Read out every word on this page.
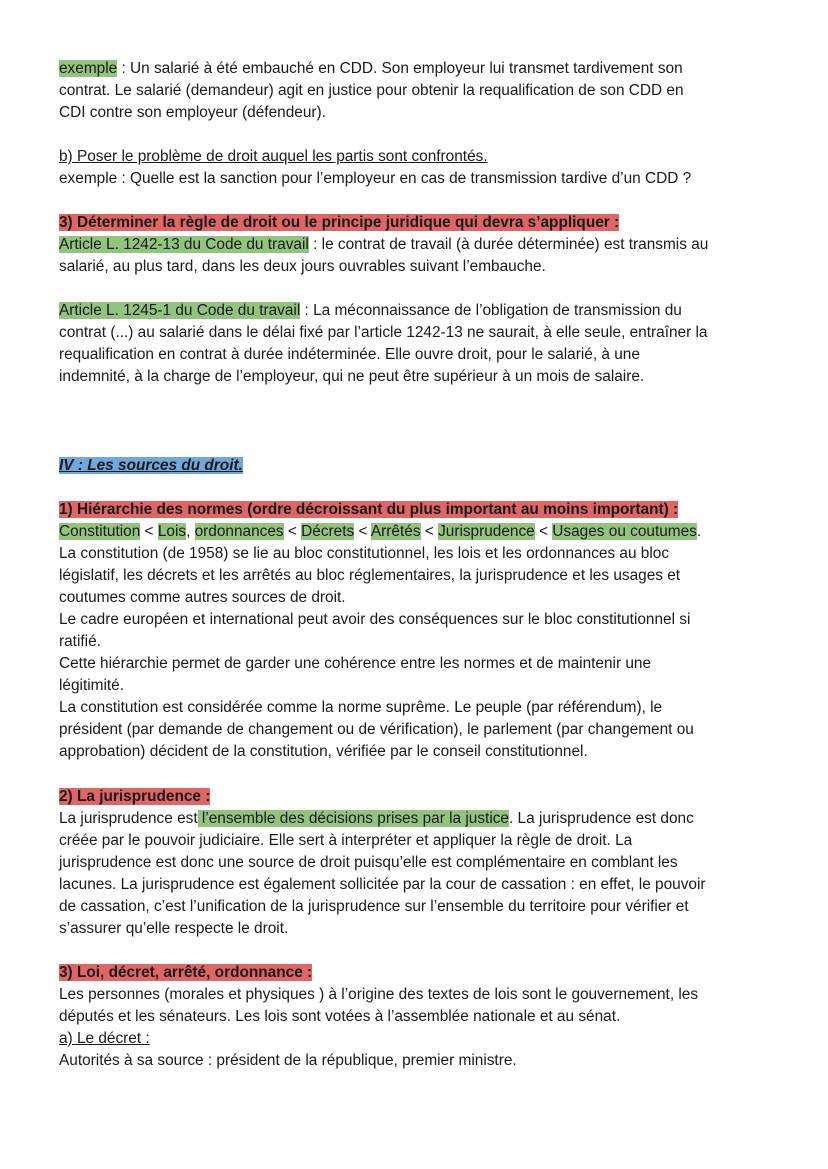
exemple : Un salarié à été embauché en CDD. Son employeur lui transmet tardivement son
contrat. Le salarié (demandeur) agit en justice pour obtenir la requalification de son CDD en
CDI contre son employeur (défendeur).
b) Poser le problème de droit auquel les partis sont confrontés.
exemple : Quelle est la sanction pour l’employeur en cas de transmission tardive d’un CDD ?
3) Déterminer la règle de droit ou le principe juridique qui devra s’appliquer :
Article L. 1242-13 du Code du travail : le contrat de travail (à durée déterminée) est transmis au
salarié, au plus tard, dans les deux jours ouvrables suivant l’embauche.
Article L. 1245-1 du Code du travail : La méconnaissance de l’obligation de transmission du
contrat (...) au salarié dans le délai fixé par l’article 1242-13 ne saurait, à elle seule, entraîner la
requalification en contrat à durée indéterminée. Elle ouvre droit, pour le salarié, à une
indemnité, à la charge de l’employeur, qui ne peut être supérieur à un mois de salaire.
IV : Les sources du droit.
1) Hiérarchie des normes (ordre décroissant du plus important au moins important) :
Constitution < Lois, ordonnances < Décrets < Arrêtés < Jurisprudence < Usages ou coutumes.
La constitution (de 1958) se lie au bloc constitutionnel, les lois et les ordonnances au bloc
législatif, les décrets et les arrêtés au bloc réglementaires, la jurisprudence et les usages et
coutumes comme autres sources de droit.
Le cadre européen et international peut avoir des conséquences sur le bloc constitutionnel si
ratifié.
Cette hiérarchie permet de garder une cohérence entre les normes et de maintenir une
légitimité.
La constitution est considérée comme la norme suprême. Le peuple (par référendum), le
président (par demande de changement ou de vérification), le parlement (par changement ou
approbation) décident de la constitution, vérifiée par le conseil constitutionnel.
2) La jurisprudence :
La jurisprudence est l’ensemble des décisions prises par la justice. La jurisprudence est donc
créée par le pouvoir judiciaire. Elle sert à interpréter et appliquer la règle de droit. La
jurisprudence est donc une source de droit puisqu’elle est complémentaire en comblant les
lacunes. La jurisprudence est également sollicitée par la cour de cassation : en effet, le pouvoir
de cassation, c’est l’unification de la jurisprudence sur l’ensemble du territoire pour vérifier et
s’assurer qu’elle respecte le droit.
3) Loi, décret, arrêté, ordonnance :
Les personnes (morales et physiques ) à l’origine des textes de lois sont le gouvernement, les
députés et les sénateurs. Les lois sont votées à l’assemblée nationale et au sénat.
a) Le décret :
Autorités à sa source : président de la république, premier ministre.
